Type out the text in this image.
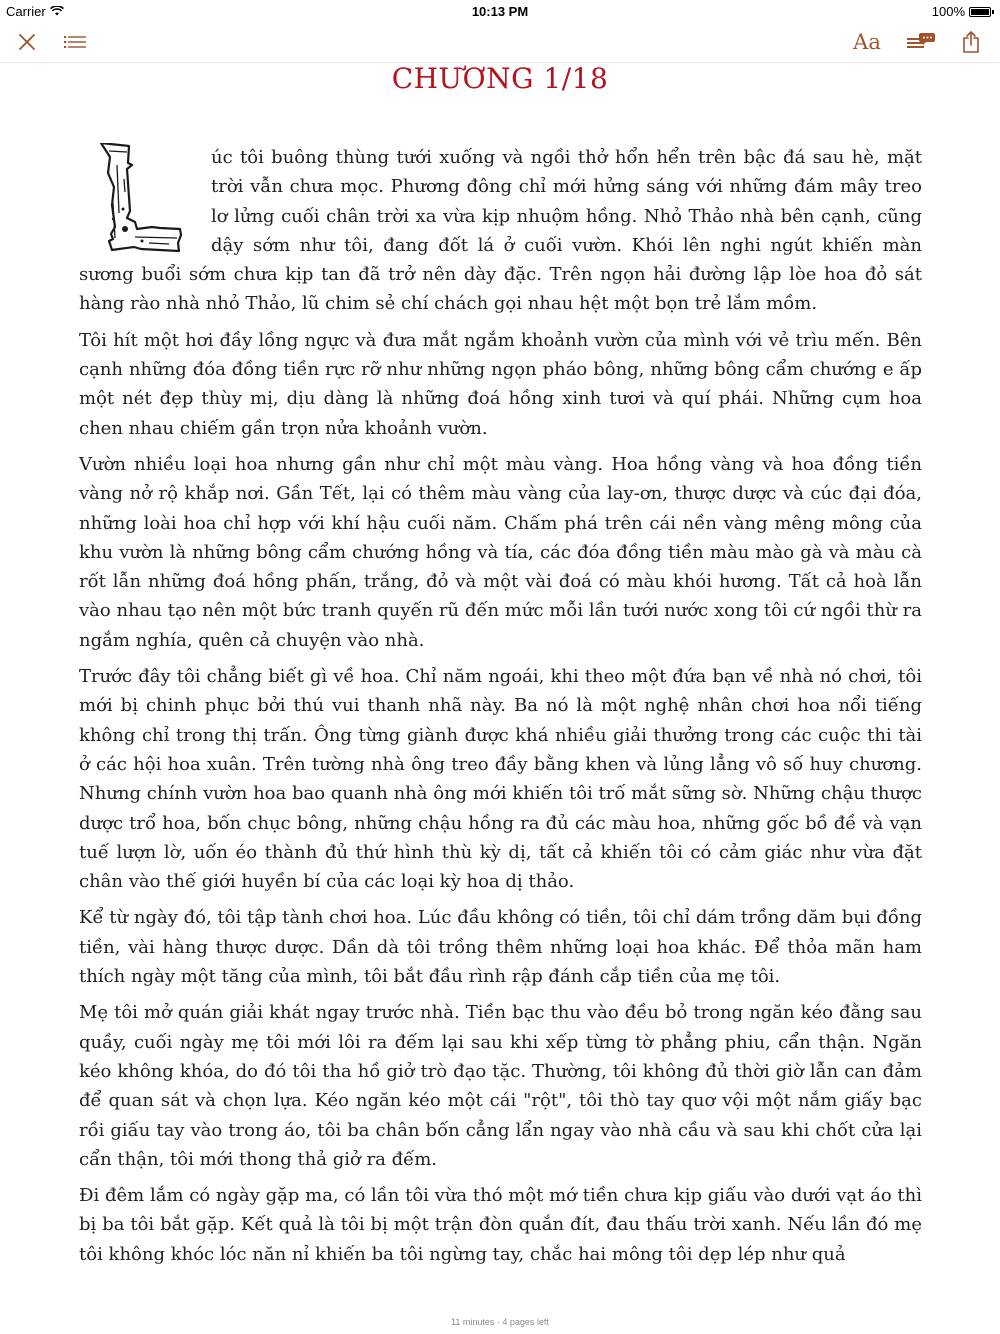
Carrier	10:13 PM	100%
Aa
CHƯƠNG 1/18

úc tôi buông thùng tưới xuống và ngồi thở hổn hển trên bậc đá sau hè, mặt trời vẫn chưa mọc. Phương đông chỉ mới hửng sáng với những đám mây treo lơ lửng cuối chân trời xa vừa kịp nhuộm hồng. Nhỏ Thảo nhà bên cạnh, cũng dậy sớm như tôi, đang đốt lá ở cuối vườn. Khói lên nghi ngút khiến màn sương buổi sớm chưa kịp tan đã trở nên dày đặc. Trên ngọn hải đường lập lòe hoa đỏ sát hàng rào nhà nhỏ Thảo, lũ chim sẻ chí chách gọi nhau hệt một bọn trẻ lắm mồm.

Tôi hít một hơi đầy lồng ngực và đưa mắt ngắm khoảnh vườn của mình với vẻ trìu mến. Bên cạnh những đóa đồng tiền rực rỡ như những ngọn pháo bông, những bông cẩm chướng e ấp một nét đẹp thùy mị, dịu dàng là những đoá hồng xinh tươi và quí phái. Những cụm hoa chen nhau chiếm gần trọn nửa khoảnh vườn.

Vườn nhiều loại hoa nhưng gần như chỉ một màu vàng. Hoa hồng vàng và hoa đồng tiền vàng nở rộ khắp nơi. Gần Tết, lại có thêm màu vàng của lay-ơn, thược dược và cúc đại đóa, những loài hoa chỉ hợp với khí hậu cuối năm. Chấm phá trên cái nền vàng mêng mông của khu vườn là những bông cẩm chướng hồng và tía, các đóa đồng tiền màu mào gà và màu cà rốt lẫn những đoá hồng phấn, trắng, đỏ và một vài đoá có màu khói hương. Tất cả hoà lẫn vào nhau tạo nên một bức tranh quyến rũ đến mức mỗi lần tưới nước xong tôi cứ ngồi thừ ra ngắm nghía, quên cả chuyện vào nhà.

Trước đây tôi chẳng biết gì về hoa. Chỉ năm ngoái, khi theo một đứa bạn về nhà nó chơi, tôi mới bị chinh phục bởi thú vui thanh nhã này. Ba nó là một nghệ nhân chơi hoa nổi tiếng không chỉ trong thị trấn. Ông từng giành được khá nhiều giải thưởng trong các cuộc thi tài ở các hội hoa xuân. Trên tường nhà ông treo đầy bằng khen và lủng lẳng vô số huy chương. Nhưng chính vườn hoa bao quanh nhà ông mới khiến tôi trố mắt sững sờ. Những chậu thược dược trổ hoa, bốn chục bông, những chậu hồng ra đủ các màu hoa, những gốc bồ đề và vạn tuế lượn lờ, uốn éo thành đủ thứ hình thù kỳ dị, tất cả khiến tôi có cảm giác như vừa đặt chân vào thế giới huyền bí của các loại kỳ hoa dị thảo.

Kể từ ngày đó, tôi tập tành chơi hoa. Lúc đầu không có tiền, tôi chỉ dám trồng dăm bụi đồng tiền, vài hàng thược dược. Dần dà tôi trồng thêm những loại hoa khác. Để thỏa mãn ham thích ngày một tăng của mình, tôi bắt đầu rình rập đánh cắp tiền của mẹ tôi.

Mẹ tôi mở quán giải khát ngay trước nhà. Tiền bạc thu vào đều bỏ trong ngăn kéo đằng sau quầy, cuối ngày mẹ tôi mới lôi ra đếm lại sau khi xếp từng tờ phẳng phiu, cẩn thận. Ngăn kéo không khóa, do đó tôi tha hồ giở trò đạo tặc. Thường, tôi không đủ thời giờ lẫn can đảm để quan sát và chọn lựa. Kéo ngăn kéo một cái "rột", tôi thò tay quơ vội một nắm giấy bạc rồi giấu tay vào trong áo, tôi ba chân bốn cẳng lẩn ngay vào nhà cầu và sau khi chốt cửa lại cẩn thận, tôi mới thong thả giở ra đếm.

Đi đêm lắm có ngày gặp ma, có lần tôi vừa thó một mớ tiền chưa kịp giấu vào dưới vạt áo thì bị ba tôi bắt gặp. Kết quả là tôi bị một trận đòn quắn đít, đau thấu trời xanh. Nếu lần đó mẹ tôi không khóc lóc năn nỉ khiến ba tôi ngừng tay, chắc hai mông tôi dẹp lép như quả

11 minutes · 4 pages left
